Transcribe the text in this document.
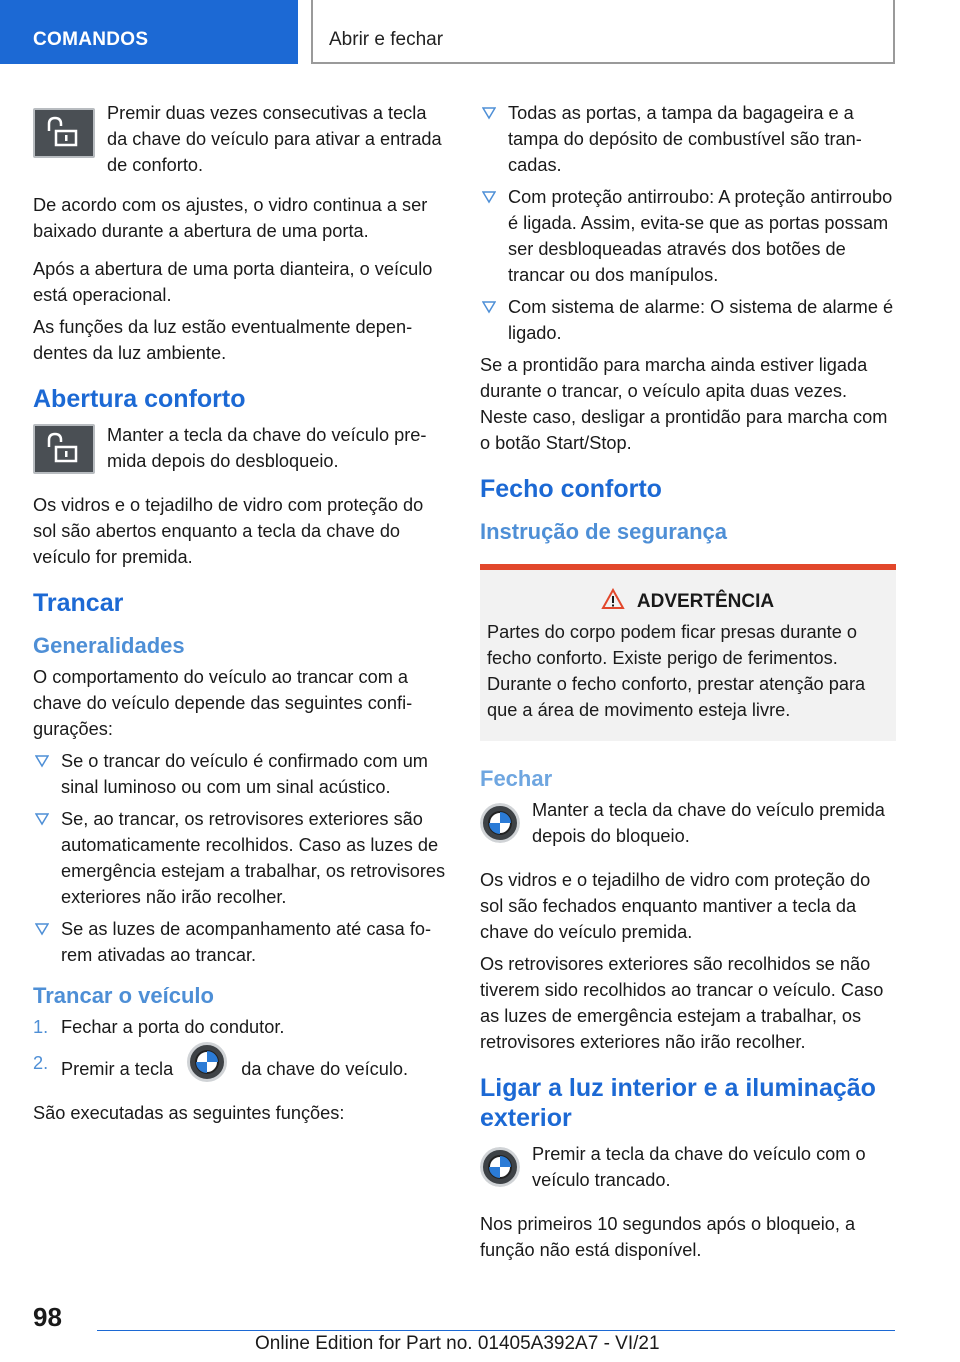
COMANDOS	Abrir e fechar

Premir duas vezes consecutivas a tecla da chave do veículo para ativar a entrada de conforto.

De acordo com os ajustes, o vidro continua a ser baixado durante a abertura de uma porta.

Após a abertura de uma porta dianteira, o veículo está operacional.

As funções da luz estão eventualmente dependentes da luz ambiente.

Abertura conforto

Manter a tecla da chave do veículo premida depois do desbloqueio.

Os vidros e o tejadilho de vidro com proteção do sol são abertos enquanto a tecla da chave do veículo for premida.

Trancar
Generalidades

O comportamento do veículo ao trancar com a chave do veículo depende das seguintes configurações:

Se o trancar do veículo é confirmado com um sinal luminoso ou com um sinal acústico.
Se, ao trancar, os retrovisores exteriores são automaticamente recolhidos. Caso as luzes de emergência estejam a trabalhar, os retrovisores exteriores não irão recolher.
Se as luzes de acompanhamento até casa forem ativadas ao trancar.
Trancar o veículo
1. Fechar a porta do condutor.
2. Premir a tecla	da chave do veículo.

São executadas as seguintes funções:

Todas as portas, a tampa da bagageira e a tampa do depósito de combustível são trancadas.
Com proteção antirroubo: A proteção antirroubo é ligada. Assim, evita-se que as portas possam ser desbloqueadas através dos botões de trancar ou dos manípulos.
Com sistema de alarme: O sistema de alarme é ligado.

Se a prontidão para marcha ainda estiver ligada durante o trancar, o veículo apita duas vezes. Neste caso, desligar a prontidão para marcha com o botão Start/Stop.

Fecho conforto
Instrução de segurança
ADVERTÊNCIA

Partes do corpo podem ficar presas durante o fecho conforto. Existe perigo de ferimentos. Durante o fecho conforto, prestar atenção para que a área de movimento esteja livre.

Fechar

Manter a tecla da chave do veículo premida depois do bloqueio.

Os vidros e o tejadilho de vidro com proteção do sol são fechados enquanto mantiver a tecla da chave do veículo premida.

Os retrovisores exteriores são recolhidos se não tiverem sido recolhidos ao trancar o veículo. Caso as luzes de emergência estejam a trabalhar, os retrovisores exteriores não irão recolher.

Ligar a luz interior e a iluminação exterior

Premir a tecla da chave do veículo com o veículo trancado.

Nos primeiros 10 segundos após o bloqueio, a função não está disponível.

98
Online Edition for Part no. 01405A392A7 - VI/21
